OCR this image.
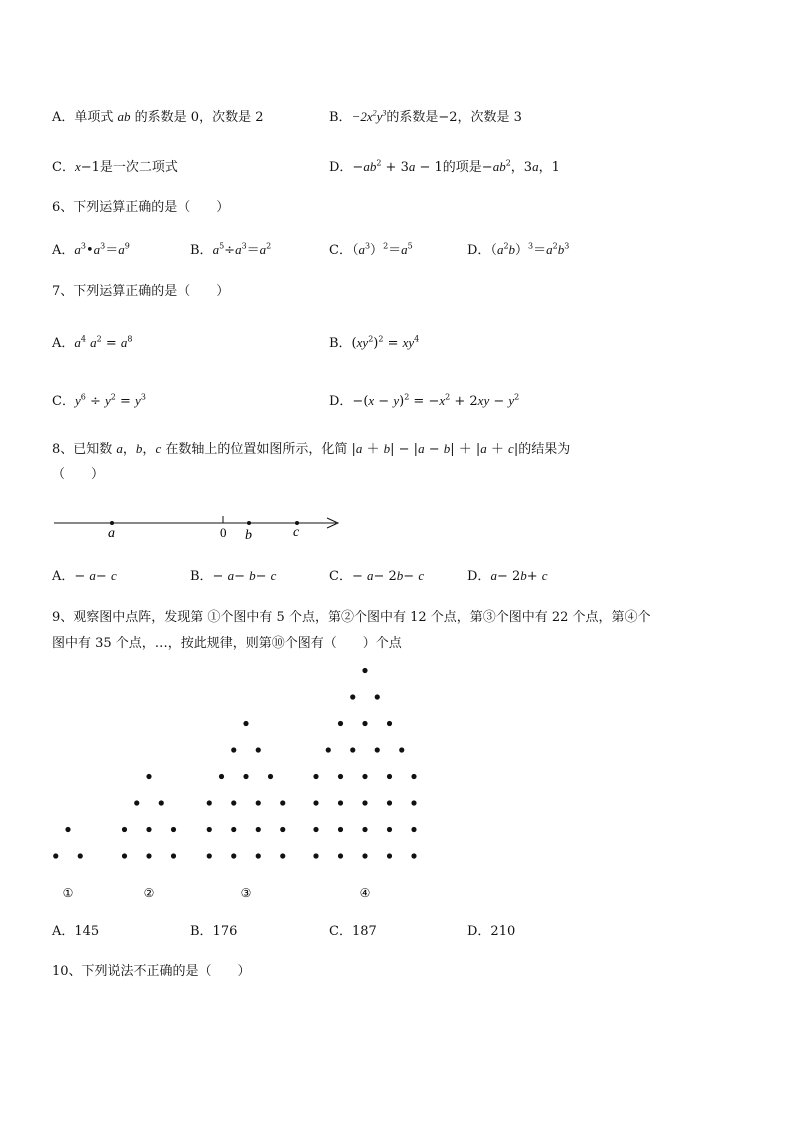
A．单项式 ab 的系数是 0，次数是 2	B．$-2x^2y^3$的系数是−2，次数是 3
C．x−1是一次二项式	D．$-ab^2 + 3a - 1$的项是$-ab^2$，3a，1
6、下列运算正确的是（　　）
A．$a^3•a^3=a^9$	B．$a^5\div a^3=a^2$	C．$(a^3)^2=a^5$	D．$(a^2b)^3=a^2b^3$
7、下列运算正确的是（　　）
A．$a^4$ $a^2 = a^8$	B．$(xy^2)^2 = xy^4$
C．$y^6 \div y^2 = y^3$	D．$-(x - y)^2 = -x^2 + 2xy - y^2$
8、已知数 a，b，c 在数轴上的位置如图所示，化简 |a ＋ b| − |a − b| ＋ |a ＋ c|的结果为
（　　）
a	0 b	c
A．− a− c	B．− a− b− c	C．− a− 2b− c	D．a− 2b+ c
9、观察图中点阵，发现第 ①个图中有 5 个点，第②个图中有 12 个点，第③个图中有 22 个点，第④个
图中有 35 个点，…，按此规律，则第⑩个图有（　　）个点
①	②	③	④
A．145	B．176	C．187	D．210
10、下列说法不正确的是（　　）
